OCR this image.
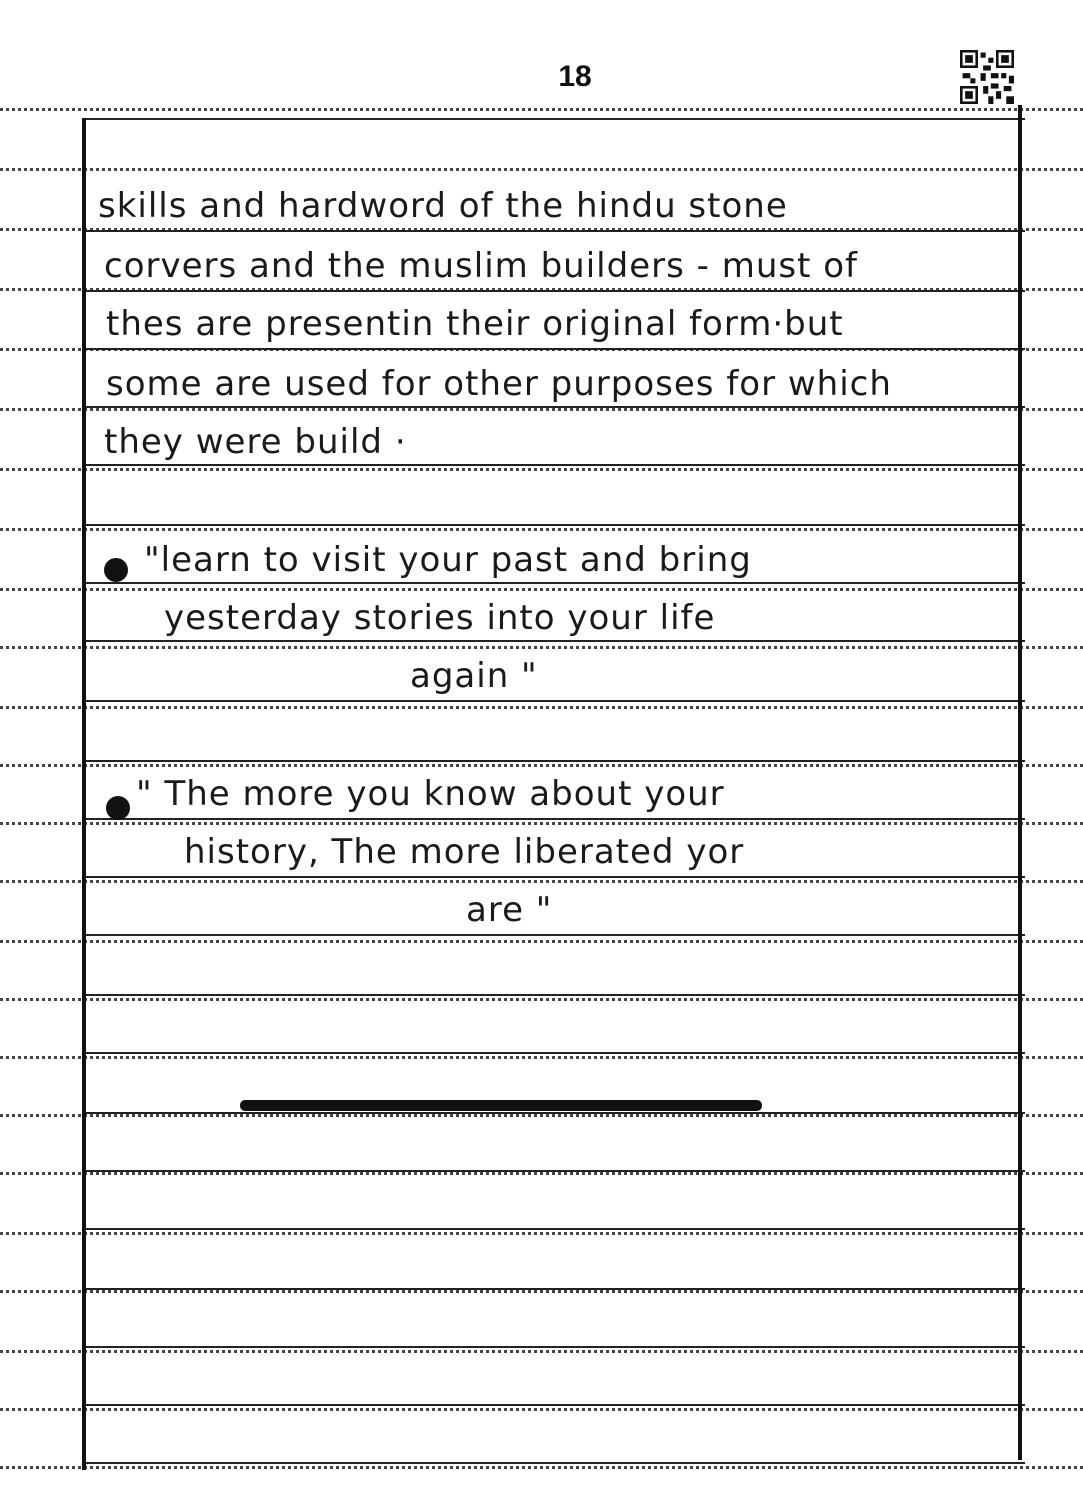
18
skills and hardword of the hindu stone
corvers and the muslim builders - must of
thes are presentin their original form·but
some are used for other purposes for which
they were build ·
"learn to visit your past and bring
yesterday stories into your life
again "
" The more you know about your
history, The more liberated yor
are "
